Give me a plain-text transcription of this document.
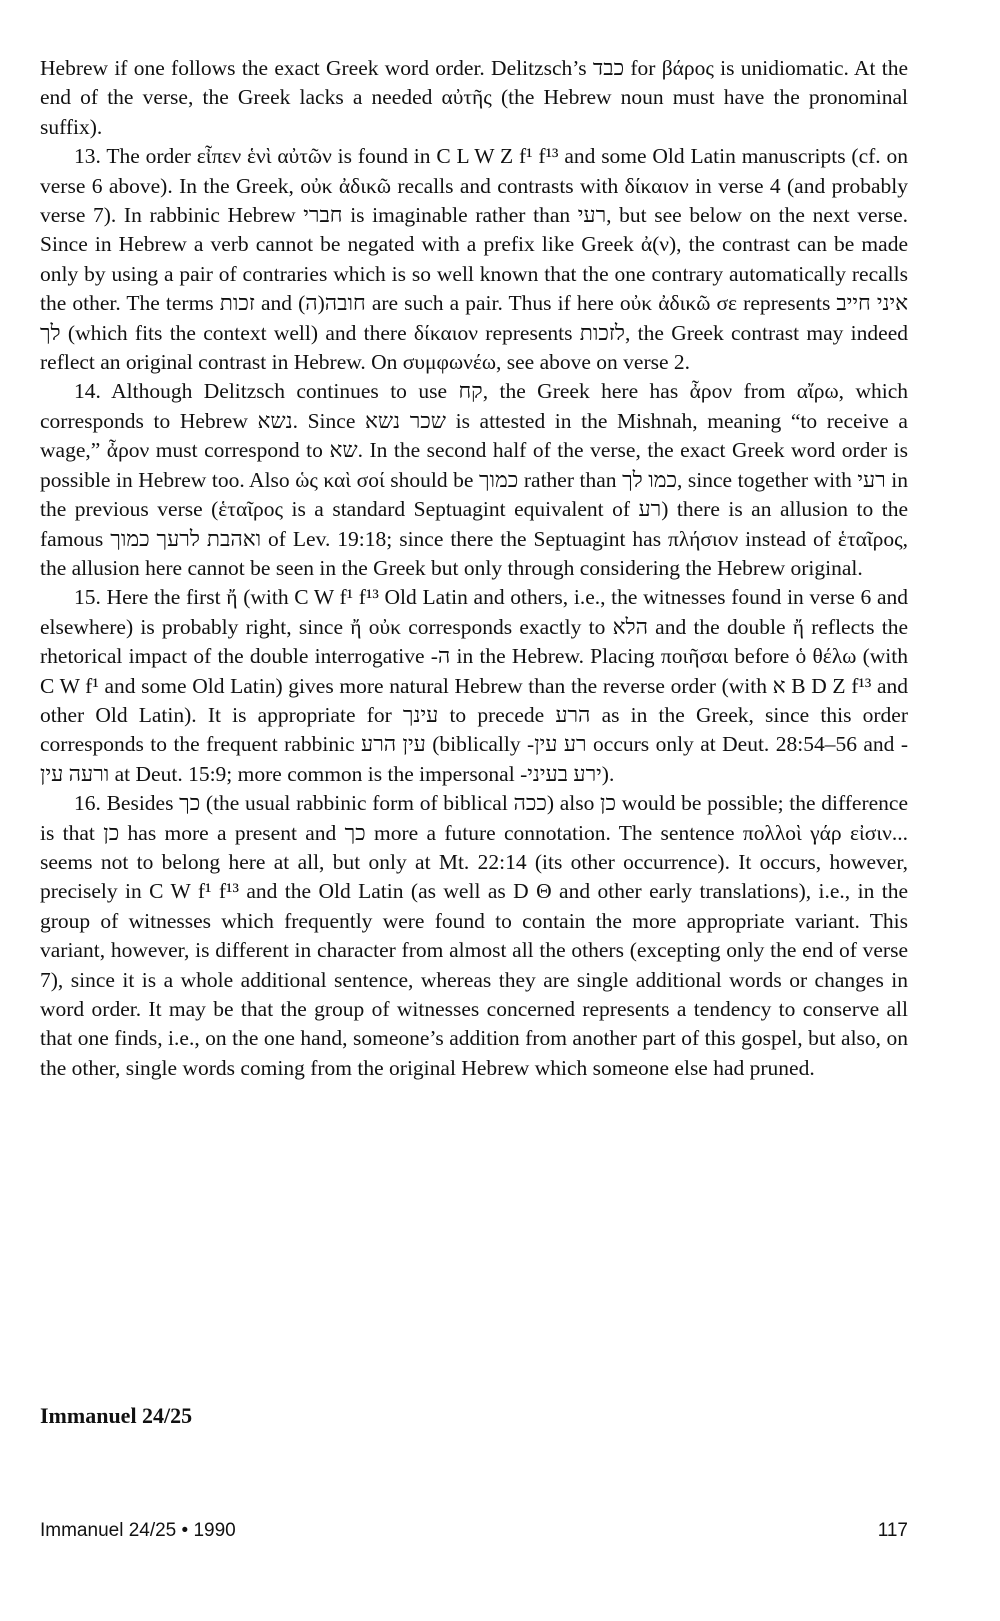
Hebrew if one follows the exact Greek word order. Delitzsch’s כבד for βάρος is unidiomatic. At the end of the verse, the Greek lacks a needed αὐτῆς (the Hebrew noun must have the pronominal suffix).

13. The order εἶπεν ἑνὶ αὐτῶν is found in C L W Z f¹ f¹³ and some Old Latin manuscripts (cf. on verse 6 above). In the Greek, οὐκ ἀδικῶ recalls and contrasts with δίκαιον in verse 4 (and probably verse 7). In rabbinic Hebrew חברי is imaginable rather than רעי, but see below on the next verse. Since in Hebrew a verb cannot be negated with a prefix like Greek ἀ(ν), the contrast can be made only by using a pair of contraries which is so well known that the one contrary automatically recalls the other. The terms זכות and (ה)חובה are such a pair. Thus if here οὐκ ἀδικῶ σε represents איני חייב לך (which fits the context well) and there δίκαιον represents לזכות, the Greek contrast may indeed reflect an original contrast in Hebrew. On συμφωνέω, see above on verse 2.

14. Although Delitzsch continues to use קח, the Greek here has ἆρον from αἴρω, which corresponds to Hebrew נשא. Since שכר נשא is attested in the Mishnah, meaning “to receive a wage,” ἆρον must correspond to שא. In the second half of the verse, the exact Greek word order is possible in Hebrew too. Also ὡς καὶ σοί should be כמוך rather than כמו לך, since together with רעי in the previous verse (ἑταῖρος is a standard Septuagint equivalent of רע) there is an allusion to the famous ואהבת לרעך כמוך of Lev. 19:18; since there the Septuagint has πλήσιον instead of ἑταῖρος, the allusion here cannot be seen in the Greek but only through considering the Hebrew original.

15. Here the first ἤ (with C W f¹ f¹³ Old Latin and others, i.e., the witnesses found in verse 6 and elsewhere) is probably right, since ἤ οὐκ corresponds exactly to הלא and the double ἤ reflects the rhetorical impact of the double interrogative -ה in the Hebrew. Placing ποιῆσαι before ὁ θέλω (with C W f¹ and some Old Latin) gives more natural Hebrew than the reverse order (with א B D Z f¹³ and other Old Latin). It is appropriate for עינך to precede הרע as in the Greek, since this order corresponds to the frequent rabbinic עין הרע (biblically -רע עין occurs only at Deut. 28:54–56 and -ורעה עין at Deut. 15:9; more common is the impersonal -ירע בעיני).

16. Besides כך (the usual rabbinic form of biblical ככה) also כן would be possible; the difference is that כן has more a present and כך more a future connotation. The sentence πολλοὶ γάρ εἰσιν... seems not to belong here at all, but only at Mt. 22:14 (its other occurrence). It occurs, however, precisely in C W f¹ f¹³ and the Old Latin (as well as D Θ and other early translations), i.e., in the group of witnesses which frequently were found to contain the more appropriate variant. This variant, however, is different in character from almost all the others (excepting only the end of verse 7), since it is a whole additional sentence, whereas they are single additional words or changes in word order. It may be that the group of witnesses concerned represents a tendency to conserve all that one finds, i.e., on the one hand, someone’s addition from another part of this gospel, but also, on the other, single words coming from the original Hebrew which someone else had pruned.

Immanuel 24/25
Immanuel 24/25 • 1990	117
